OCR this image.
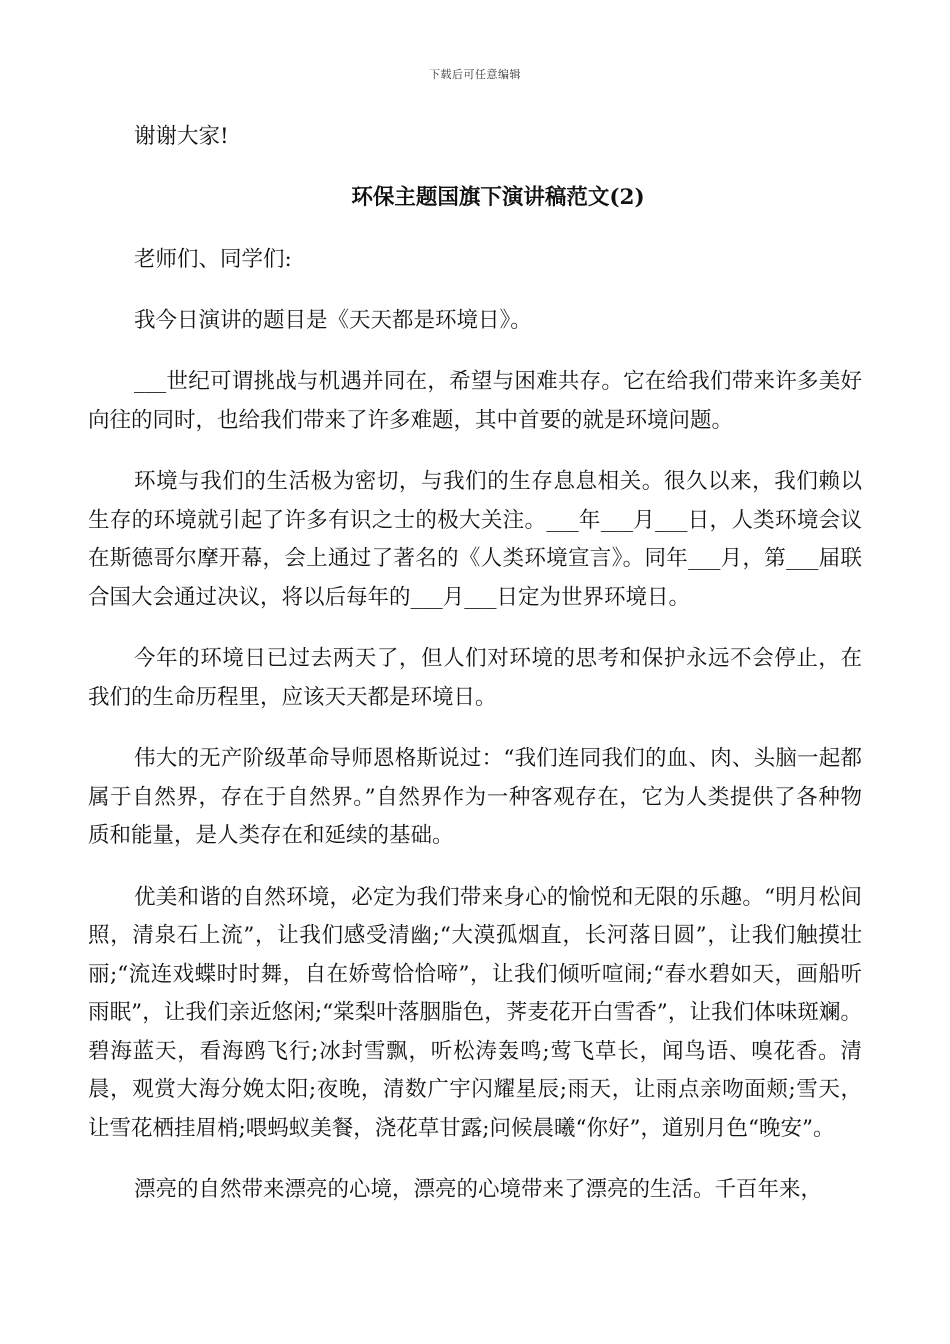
下载后可任意编辑

谢谢大家!

环保主题国旗下演讲稿范文(2)

老师们、同学们:

我今日演讲的题目是《天天都是环境日》。

___世纪可谓挑战与机遇并同在，希望与困难共存。它在给我们带来许多美好向往的同时，也给我们带来了许多难题，其中首要的就是环境问题。

环境与我们的生活极为密切，与我们的生存息息相关。很久以来，我们赖以生存的环境就引起了许多有识之士的极大关注。___年___月___日，人类环境会议在斯德哥尔摩开幕，会上通过了著名的《人类环境宣言》。同年___月，第___届联合国大会通过决议，将以后每年的___月___日定为世界环境日。

今年的环境日已过去两天了，但人们对环境的思考和保护永远不会停止，在我们的生命历程里，应该天天都是环境日。

伟大的无产阶级革命导师恩格斯说过：“我们连同我们的血、肉、头脑一起都属于自然界，存在于自然界。”自然界作为一种客观存在，它为人类提供了各种物质和能量，是人类存在和延续的基础。

优美和谐的自然环境，必定为我们带来身心的愉悦和无限的乐趣。“明月松间照，清泉石上流”，让我们感受清幽;“大漠孤烟直，长河落日圆”，让我们触摸壮丽;“流连戏蝶时时舞，自在娇莺恰恰啼”，让我们倾听喧闹;“春水碧如天，画船听雨眠”，让我们亲近悠闲;“棠梨叶落胭脂色，荠麦花开白雪香”，让我们体味斑斓。碧海蓝天，看海鸥飞行;冰封雪飘，听松涛轰鸣;莺飞草长，闻鸟语、嗅花香。清晨，观赏大海分娩太阳;夜晚，清数广宇闪耀星辰;雨天，让雨点亲吻面颊;雪天，让雪花栖挂眉梢;喂蚂蚁美餐，浇花草甘露;问候晨曦“你好”，道别月色“晚安”。

漂亮的自然带来漂亮的心境，漂亮的心境带来了漂亮的生活。千百年来，
